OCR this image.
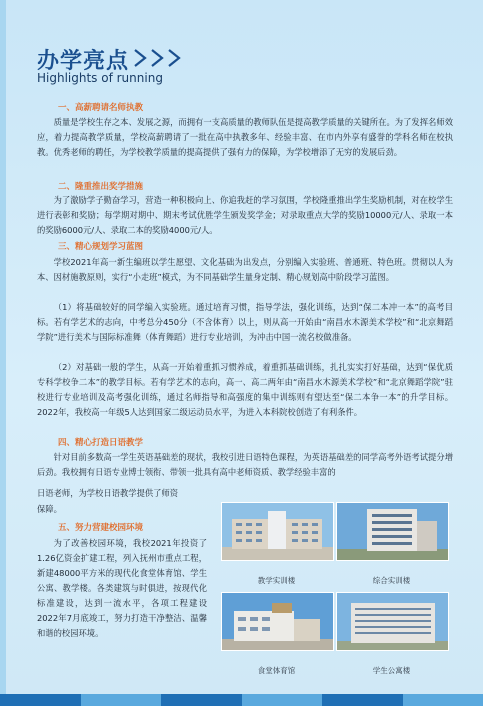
办学亮点
Highlights of running

一、高薪聘请名师执教

质量是学校生存之本、发展之源，而拥有一支高质量的教师队伍是提高教学质量的关键所在。为了发挥名师效应，着力提高教学质量，学校高薪聘请了一批在高中执教多年、经验丰富、在市内外享有盛誉的学科名师在校执教。优秀老师的聘任，为学校教学质量的提高提供了强有力的保障，为学校增添了无穷的发展后劲。

二、隆重推出奖学措施

为了激励学子勤奋学习，营造一种积极向上、你追我赶的学习氛围，学校隆重推出学生奖励机制，对在校学生进行表彰和奖励；每学期对期中、期末考试优胜学生颁发奖学金；对录取重点大学的奖励10000元/人、录取一本的奖励6000元/人、录取二本的奖励4000元/人。

三、精心规划学习蓝图

学校2021年高一新生编班以学生愿望、文化基础为出发点，分别编入实验班、普通班、特色班。贯彻以人为本、因材施教原则，实行“小走班”模式，为不同基础学生量身定制、精心规划高中阶段学习蓝图。

（1）将基础较好的同学编入实验班。通过培育习惯，指导学法，强化训练，达到“保二本冲一本”的高考目标。若有学艺术的志向，中考总分450分（不含体育）以上，则从高一开始由“南昌水木源美术学校”和“北京舞蹈学院”进行美术与国际标准舞（体育舞蹈）进行专业培训，为冲击中国一流名校做准备。

（2）对基础一般的学生，从高一开始着重抓习惯养成，着重抓基础训练，扎扎实实打好基础，达到“保优质专科学校争二本”的教学目标。若有学艺术的志向，高一、高二两年由“南昌水木源美术学校”和“北京舞蹈学院”驻校进行专业培训及高考强化训练，通过名师指导和高强度的集中训练则有望达至“保二本争一本”的升学目标。2022年，我校高一年级5人达到国家二级运动员水平，为进入本科院校创造了有利条件。

四、精心打造日语教学

针对目前多数高一学生英语基础差的现状，我校引进日语特色课程，为英语基础差的同学高考外语考试提分增后劲。我校拥有日语专业博士领衔、带领一批具有高中老师资质、教学经验丰富的

日语老师，为学校日语教学提供了师资

保障。

五、努力营建校园环境

为了改善校园环境，我校2021年投资了1.26亿资金扩建工程，列入抚州市重点工程，新建48000平方米的现代化食堂体育馆、学生公寓、教学楼。各类建筑与时俱进，按现代化标准建设，达到一流水平，各项工程建设2022年7月底竣工，努力打造干净整洁、温馨和谐的校园环境。

教学实训楼	综合实训楼
食堂体育馆	学生公寓楼
